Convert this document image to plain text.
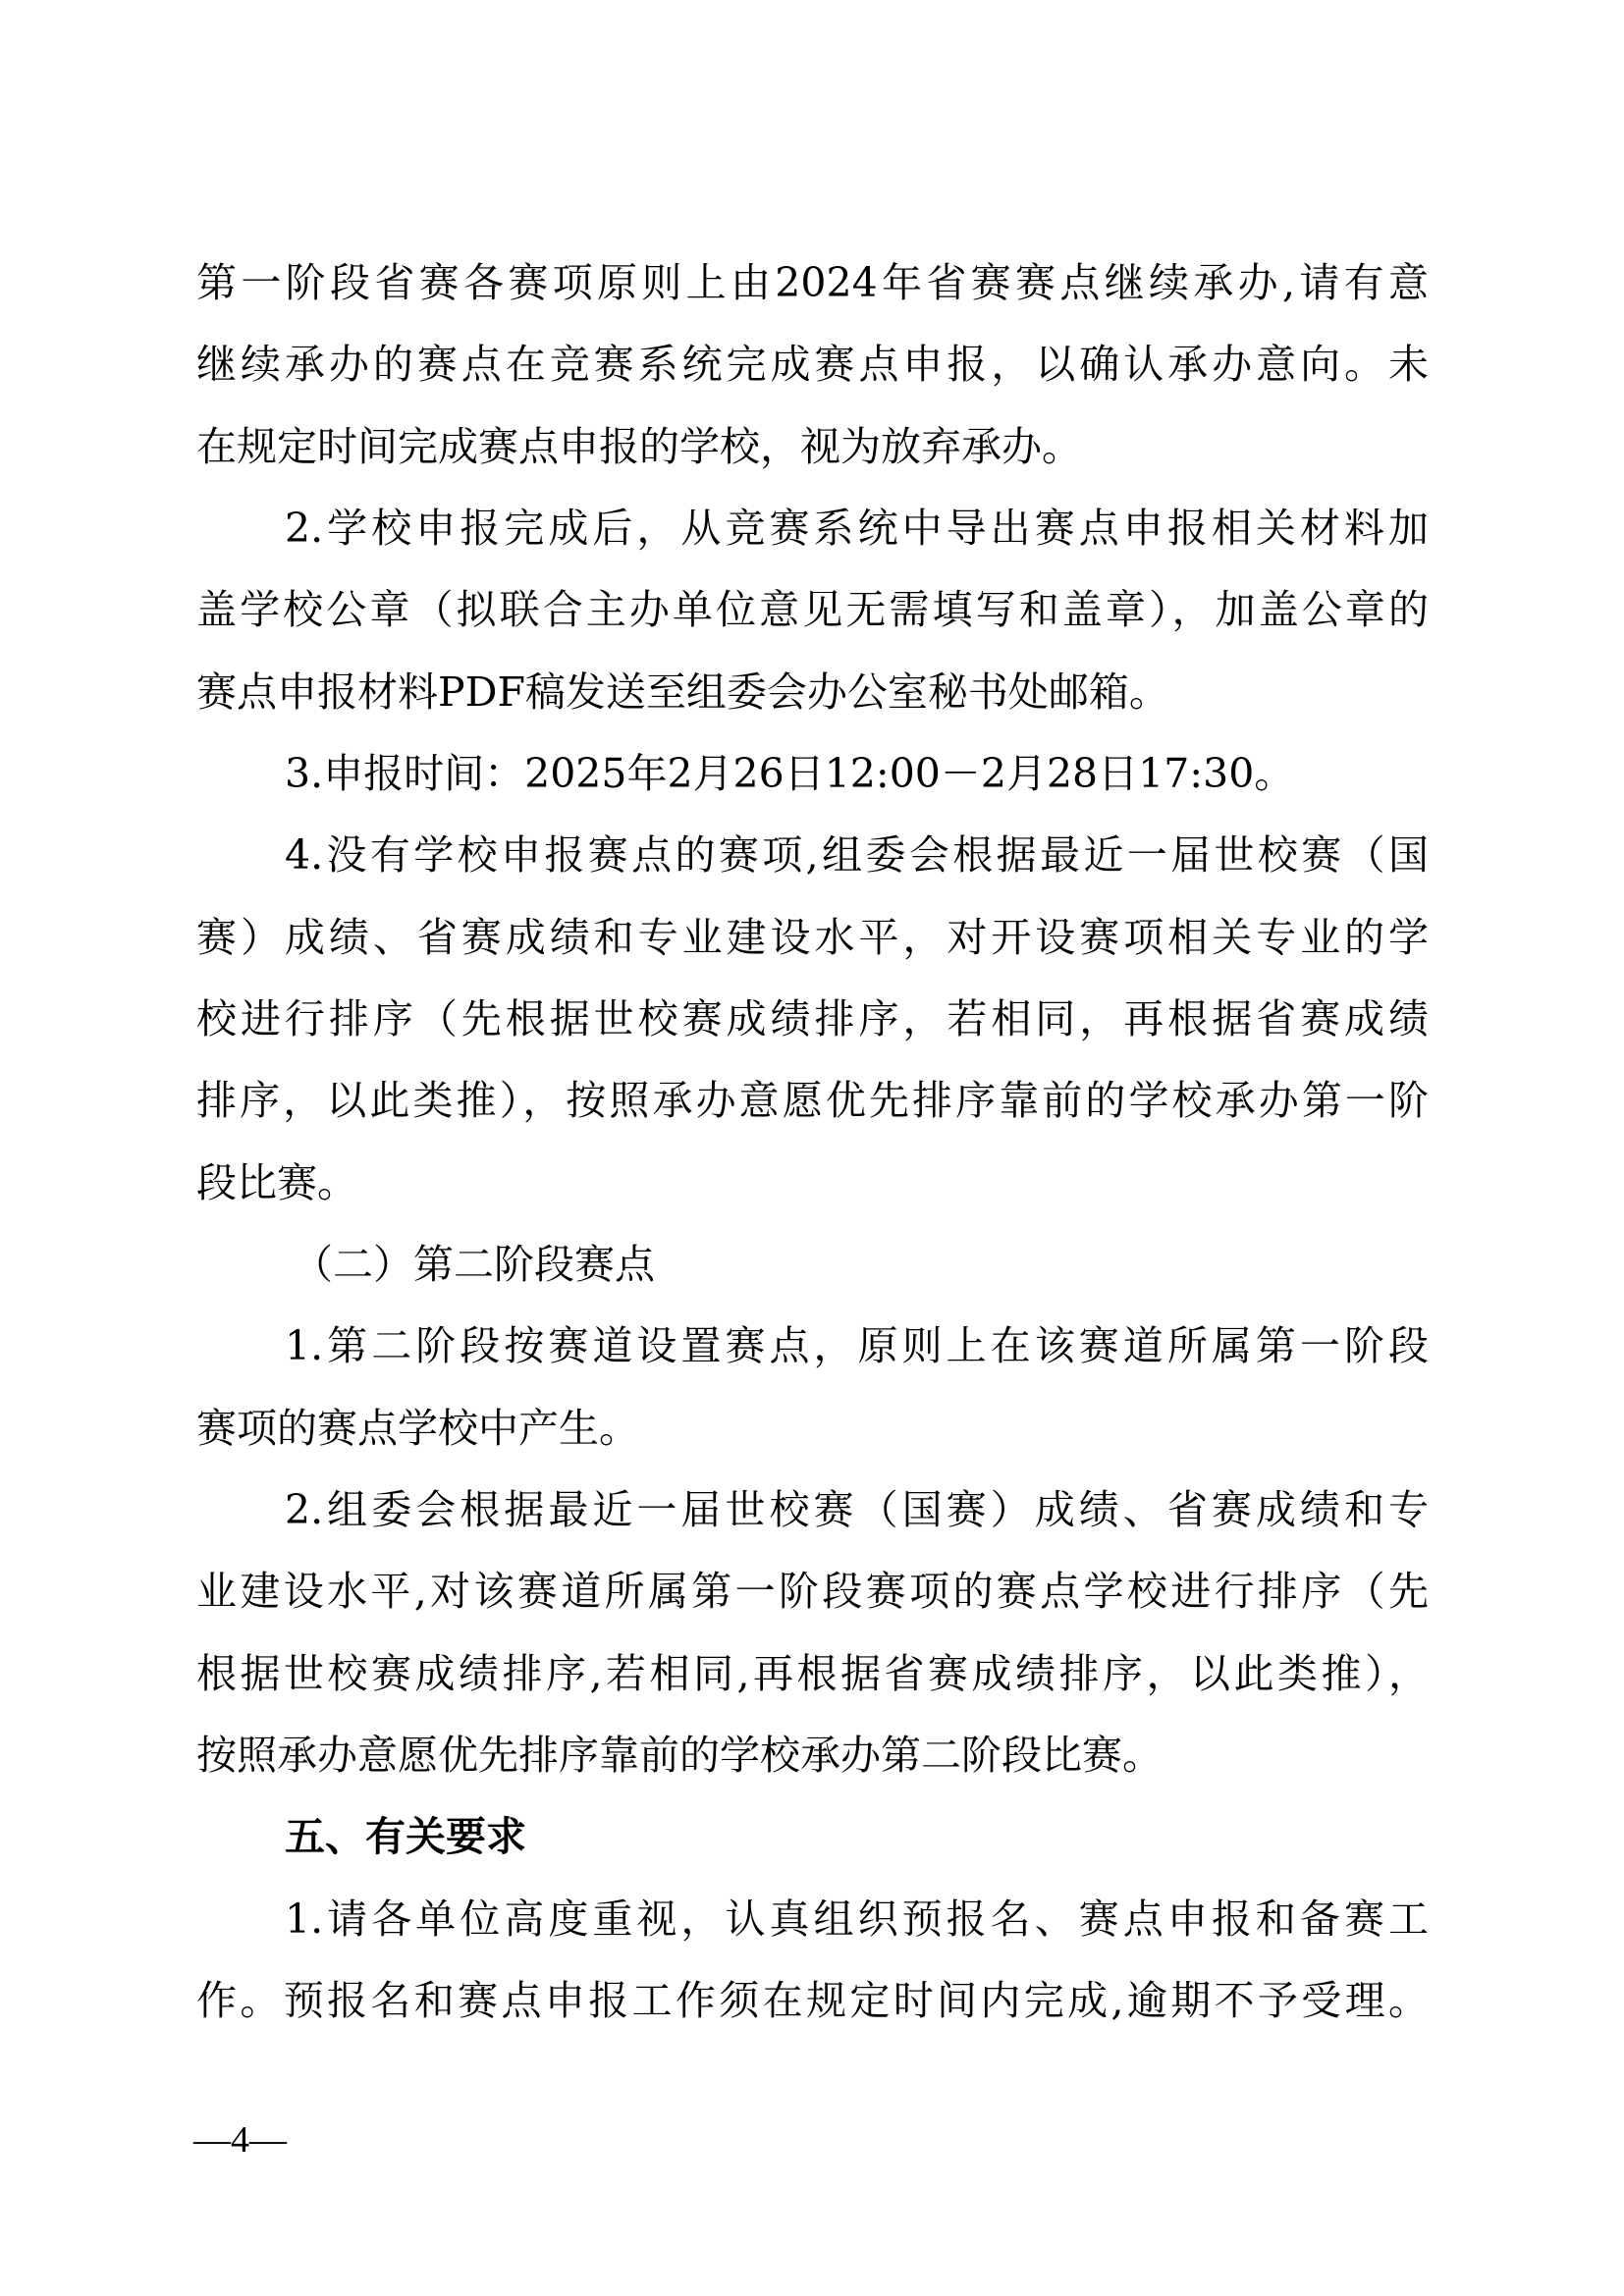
第一阶段省赛各赛项原则上由2024年省赛赛点继续承办,请有意
继续承办的赛点在竞赛系统完成赛点申报，以确认承办意向。未
在规定时间完成赛点申报的学校，视为放弃承办。
2.学校申报完成后，从竞赛系统中导出赛点申报相关材料加
盖学校公章（拟联合主办单位意见无需填写和盖章），加盖公章的
赛点申报材料PDF稿发送至组委会办公室秘书处邮箱。
3.申报时间：2025年2月26日12:00－2月28日17:30。
4.没有学校申报赛点的赛项,组委会根据最近一届世校赛（国
赛）成绩、省赛成绩和专业建设水平，对开设赛项相关专业的学
校进行排序（先根据世校赛成绩排序，若相同，再根据省赛成绩
排序，以此类推），按照承办意愿优先排序靠前的学校承办第一阶
段比赛。
（二）第二阶段赛点
1.第二阶段按赛道设置赛点，原则上在该赛道所属第一阶段
赛项的赛点学校中产生。
2.组委会根据最近一届世校赛（国赛）成绩、省赛成绩和专
业建设水平,对该赛道所属第一阶段赛项的赛点学校进行排序（先
根据世校赛成绩排序,若相同,再根据省赛成绩排序，以此类推），
按照承办意愿优先排序靠前的学校承办第二阶段比赛。
五、有关要求
1.请各单位高度重视，认真组织预报名、赛点申报和备赛工
作。预报名和赛点申报工作须在规定时间内完成,逾期不予受理。
—4—
